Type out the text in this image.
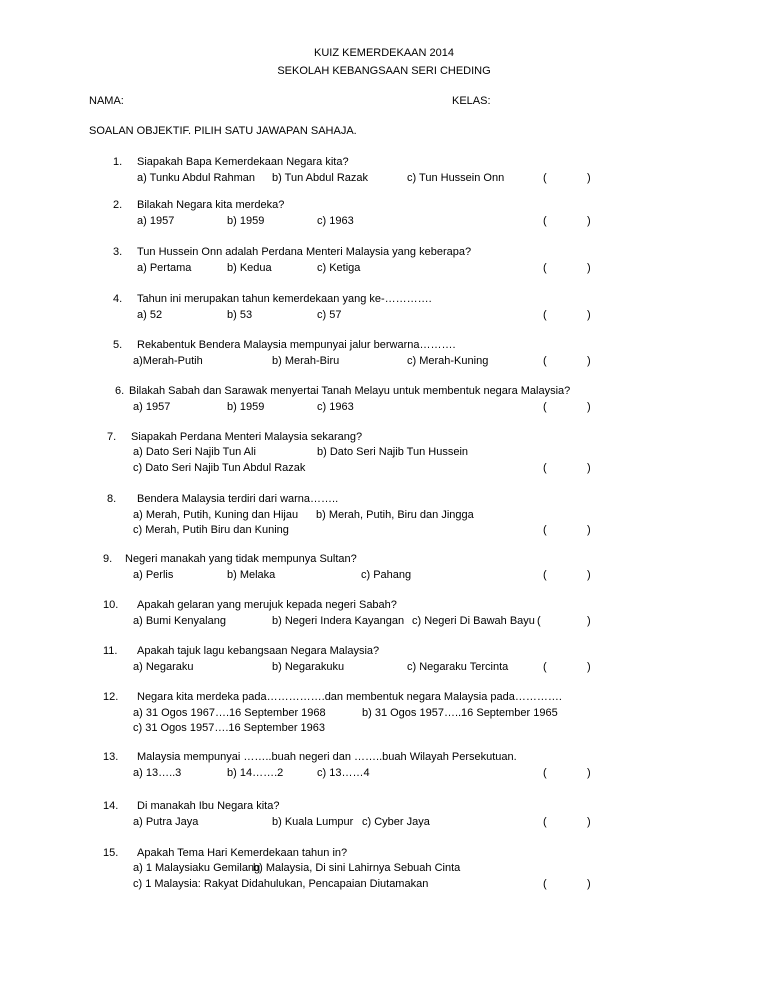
KUIZ KEMERDEKAAN 2014
SEKOLAH KEBANGSAAN SERI CHEDING
NAMA:	KELAS:
SOALAN OBJEKTIF. PILIH SATU JAWAPAN SAHAJA.
1. Siapakah Bapa Kemerdekaan Negara kita?
a) Tunku Abdul Rahman b) Tun Abdul Razak	c) Tun Hussein Onn	(	)
2. Bilakah Negara kita merdeka?
a) 1957	b) 1959	c) 1963	(	)
3. Tun Hussein Onn adalah Perdana Menteri Malaysia yang keberapa?
a) Pertama	b) Kedua	c) Ketiga	(	)
4. Tahun ini merupakan tahun kemerdekaan yang ke-………….
a) 52	b) 53	c) 57	(	)
5. Rekabentuk Bendera Malaysia mempunyai jalur berwarna……….
a)Merah-Putih	b) Merah-Biru	c) Merah-Kuning	(	)
6. Bilakah Sabah dan Sarawak menyertai Tanah Melayu untuk membentuk negara Malaysia?
a) 1957	b) 1959	c) 1963	(	)
7. Siapakah Perdana Menteri Malaysia sekarang?
a) Dato Seri Najib Tun Ali	b) Dato Seri Najib Tun Hussein
c) Dato Seri Najib Tun Abdul Razak	(	)
8. Bendera Malaysia terdiri dari warna……..
a) Merah, Putih, Kuning dan Hijau b) Merah, Putih, Biru dan Jingga
c) Merah, Putih Biru dan Kuning	(	)
9. Negeri manakah yang tidak mempunya Sultan?
a) Perlis	b) Melaka	c) Pahang	(	)
10. Apakah gelaran yang merujuk kepada negeri Sabah?
a) Bumi Kenyalang	b) Negeri Indera Kayangan c) Negeri Di Bawah Bayu (	)
11. Apakah tajuk lagu kebangsaan Negara Malaysia?
a) Negaraku	b) Negarakuku	c) Negaraku Tercinta	(	)
12. Negara kita merdeka pada…………….dan membentuk negara Malaysia pada………….
a) 31 Ogos 1967….16 September 1968	b) 31 Ogos 1957…..16 September 1965
c) 31 Ogos 1957….16 September 1963
13. Malaysia mempunyai ……..buah negeri dan ……..buah Wilayah Persekutuan.
a) 13…..3	b) 14…….2	c) 13……4	(	)
14. Di manakah Ibu Negara kita?
a) Putra Jaya	b) Kuala Lumpur c) Cyber Jaya	(	)
15. Apakah Tema Hari Kemerdekaan tahun in?
a) 1 Malaysiaku Gemilang
b) Malaysia, Di sini Lahirnya Sebuah Cinta
c) 1 Malaysia: Rakyat Didahulukan, Pencapaian Diutamakan	(	)
